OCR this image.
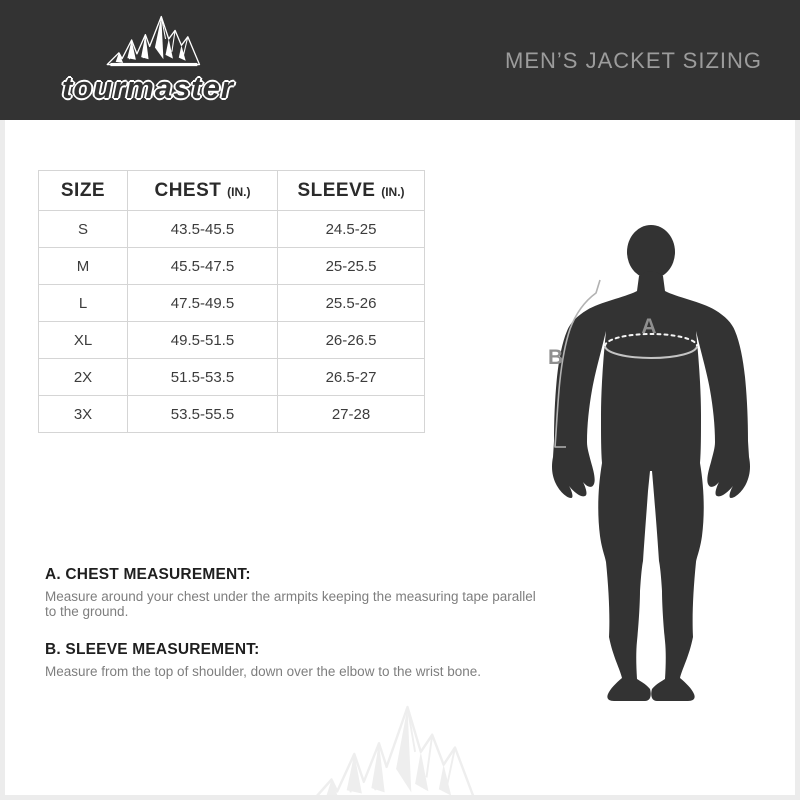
tourmaster
MEN’S JACKET SIZING
SIZE	CHEST (IN.)	SLEEVE (IN.)
S	43.5-45.5	24.5-25
M	45.5-47.5	25-25.5
L	47.5-49.5	25.5-26
XL	49.5-51.5	26-26.5
2X	51.5-53.5	26.5-27
3X	53.5-55.5	27-28
A. CHEST MEASUREMENT:

Measure around your chest under the armpits keeping the measuring tape parallel to the ground.

B. SLEEVE MEASUREMENT:

Measure from the top of shoulder, down over the elbow to the wrist bone.

A
B
